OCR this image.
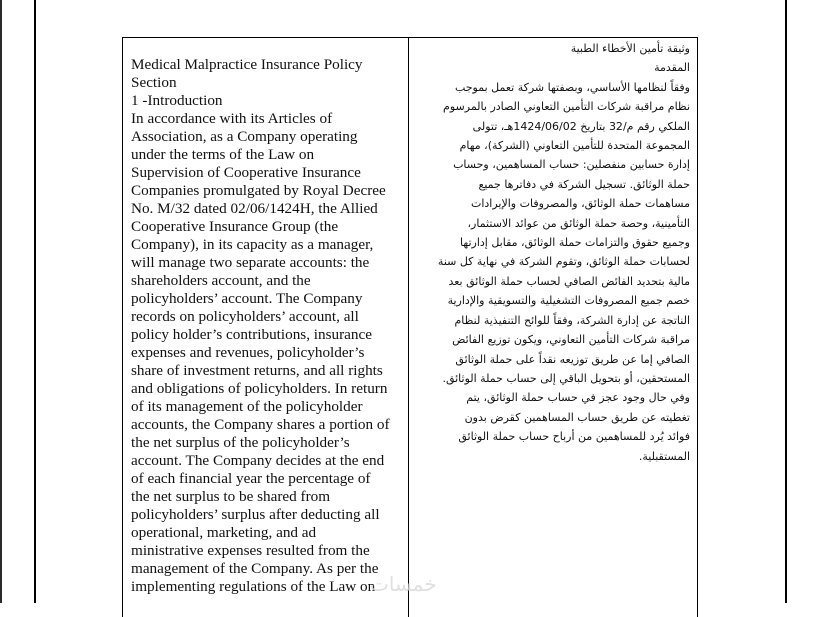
Medical Malpractice Insurance Policy
Section
1 -Introduction
In accordance with its Articles of
Association, as a Company operating
under the terms of the Law on
Supervision of Cooperative Insurance
Companies promulgated by Royal Decree
No. M/32 dated 02/06/1424H, the Allied
Cooperative Insurance Group (the
Company), in its capacity as a manager,
will manage two separate accounts: the
shareholders account, and the
policyholders’ account. The Company
records on policyholders’ account, all
policy holder’s contributions, insurance
expenses and revenues, policyholder’s
share of investment returns, and all rights
and obligations of policyholders. In return
of its management of the policyholder
accounts, the Company shares a portion of
the net surplus of the policyholder’s
account. The Company decides at the end
of each financial year the percentage of
the net surplus to be shared from
policyholders’ surplus after deducting all
operational, marketing, and ad
ministrative expenses resulted from the
management of the Company. As per the
implementing regulations of the Law on
وثيقة تأمين الأخطاء الطبية
المقدمة
وفقاً لنظامها الأساسي، وبصفتها شركة تعمل بموجب
نظام مراقبة شركات التأمين التعاوني الصادر بالمرسوم
الملكي رقم م/32 بتاريخ 1424/06/02هـ، تتولى
المجموعة المتحدة للتأمين التعاوني (الشركة)، مهام
إدارة حسابين منفصلين: حساب المساهمين، وحساب
حملة الوثائق. تسجيل الشركة في دفاترها جميع
مساهمات حملة الوثائق، والمصروفات والإيرادات
التأمينية، وحصة حملة الوثائق من عوائد الاستثمار،
وجميع حقوق والتزامات حملة الوثائق، مقابل إدارتها
لحسابات حملة الوثائق، وتقوم الشركة في نهاية كل سنة
مالية بتحديد الفائض الصافي لحساب حملة الوثائق بعد
خصم جميع المصروفات التشغيلية والتسويقية والإدارية
الناتجة عن إدارة الشركة، وفقاً للوائح التنفيذية لنظام
مراقبة شركات التأمين التعاوني، ويكون توزيع الفائض
الصافي إما عن طريق توزيعه نقداً على حملة الوثائق
المستحقين، أو بتحويل الباقي إلى حساب حملة الوثائق.
وفي حال وجود عجز في حساب حملة الوثائق، يتم
تغطيته عن طريق حساب المساهمين كقرض بدون
فوائد يُرد للمساهمين من أرباح حساب حملة الوثائق
المستقبلية.
خمسات
